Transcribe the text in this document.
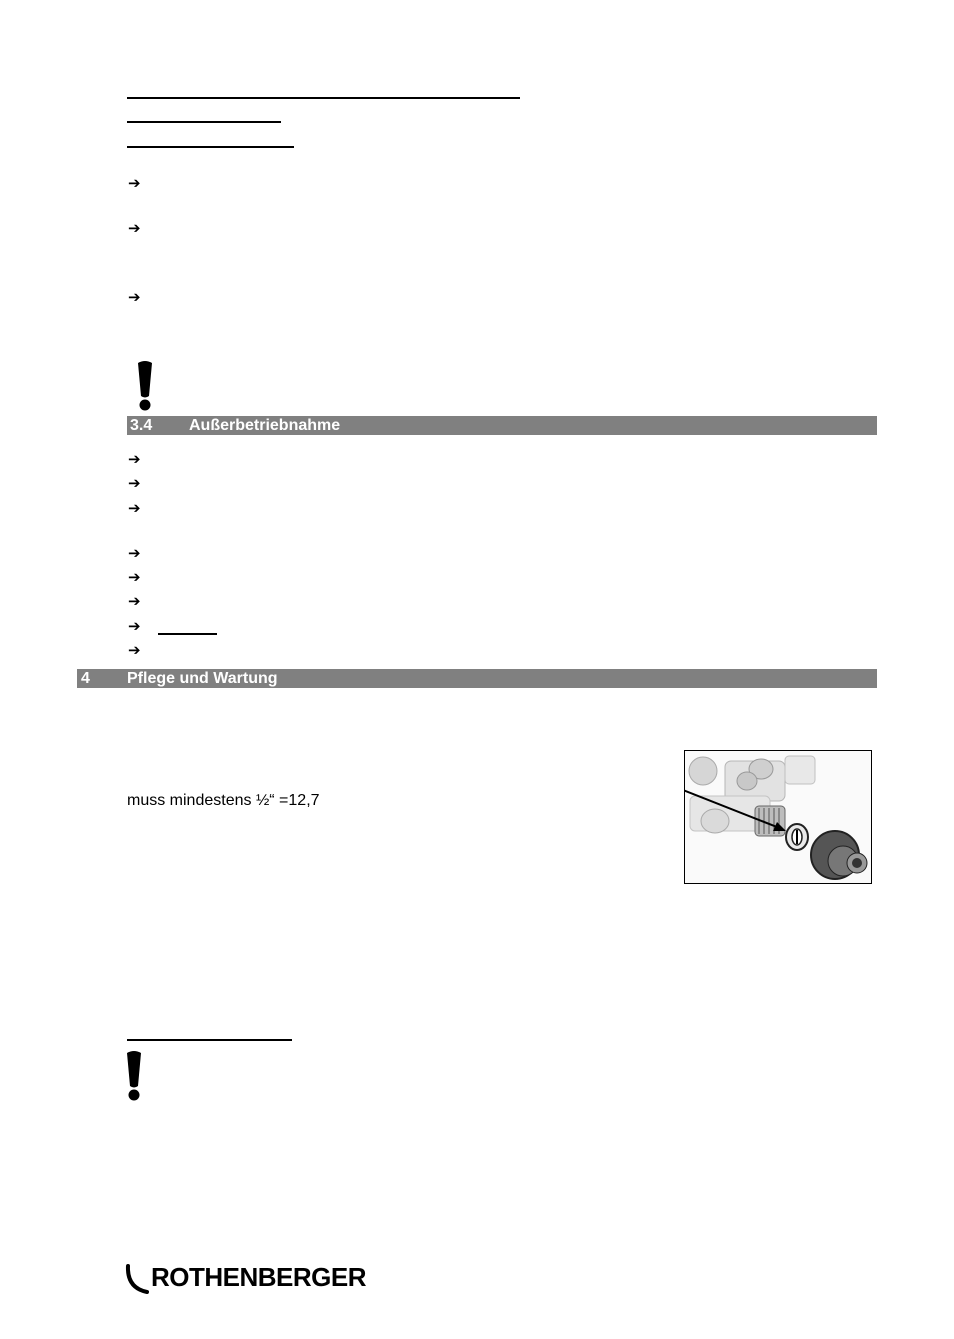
➔
➔
➔
3.4 Außerbetriebnahme
➔
➔
➔
➔
➔
➔
➔
➔
4 Pflege und Wartung
muss mindestens ½“ =12,7
ROTHENBERGER
